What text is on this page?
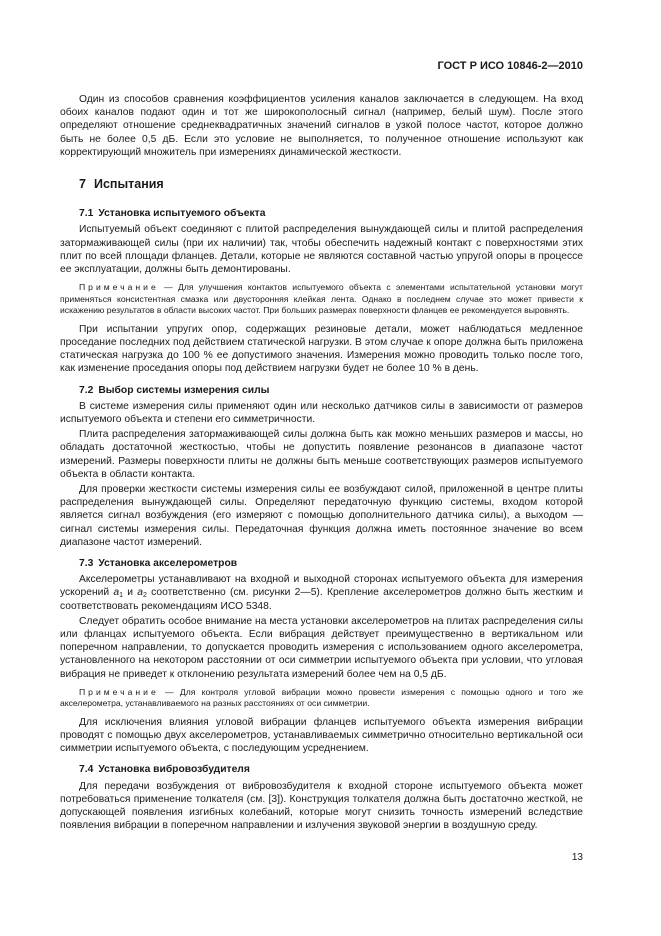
ГОСТ Р ИСО 10846-2—2010

Один из способов сравнения коэффициентов усиления каналов заключается в следующем. На вход обоих каналов подают один и тот же широкополосный сигнал (например, белый шум). После этого определяют отношение среднеквадратичных значений сигналов в узкой полосе частот, которое должно быть не более 0,5 дБ. Если это условие не выполняется, то полученное отношение используют как корректирующий множитель при измерениях динамической жесткости.

7 Испытания
7.1 Установка испытуемого объекта

Испытуемый объект соединяют с плитой распределения вынуждающей силы и плитой распределения затормаживающей силы (при их наличии) так, чтобы обеспечить надежный контакт с поверхностями этих плит по всей площади фланцев. Детали, которые не являются составной частью упругой опоры в процессе ее эксплуатации, должны быть демонтированы.

Примечание — Для улучшения контактов испытуемого объекта с элементами испытательной установки могут применяться консистентная смазка или двусторонняя клейкая лента. Однако в последнем случае это может привести к искажению результатов в области высоких частот. При больших размерах поверхности фланцев ее рекомендуется выровнять.

При испытании упругих опор, содержащих резиновые детали, может наблюдаться медленное проседание последних под действием статической нагрузки. В этом случае к опоре должна быть приложена статическая нагрузка до 100 % ее допустимого значения. Измерения можно проводить только после того, как изменение проседания опоры под действием нагрузки будет не более 10 % в день.

7.2 Выбор системы измерения силы

В системе измерения силы применяют один или несколько датчиков силы в зависимости от размеров испытуемого объекта и степени его симметричности.

Плита распределения затормаживающей силы должна быть как можно меньших размеров и массы, но обладать достаточной жесткостью, чтобы не допустить появление резонансов в диапазоне частот измерений. Размеры поверхности плиты не должны быть меньше соответствующих размеров испытуемого объекта в области контакта.

Для проверки жесткости системы измерения силы ее возбуждают силой, приложенной в центре плиты распределения вынуждающей силы. Определяют передаточную функцию системы, входом которой является сигнал возбуждения (его измеряют с помощью дополнительного датчика силы), а выходом — сигнал системы измерения силы. Передаточная функция должна иметь постоянное значение во всем диапазоне частот измерений.

7.3 Установка акселерометров

Акселерометры устанавливают на входной и выходной сторонах испытуемого объекта для измерения ускорений $a_1$ и $a_2$ соответственно (см. рисунки 2—5). Крепление акселерометров должно быть жестким и соответствовать рекомендациям ИСО 5348.

Следует обратить особое внимание на места установки акселерометров на плитах распределения силы или фланцах испытуемого объекта. Если вибрация действует преимущественно в вертикальном или поперечном направлении, то допускается проводить измерения с использованием одного акселерометра, установленного на некотором расстоянии от оси симметрии испытуемого объекта при условии, что угловая вибрация не приведет к отклонению результата измерений более чем на 0,5 дБ.

Примечание — Для контроля угловой вибрации можно провести измерения с помощью одного и того же акселерометра, устанавливаемого на разных расстояниях от оси симметрии.

Для исключения влияния угловой вибрации фланцев испытуемого объекта измерения вибрации проводят с помощью двух акселерометров, устанавливаемых симметрично относительно вертикальной оси симметрии испытуемого объекта, с последующим усреднением.

7.4 Установка вибровозбудителя

Для передачи возбуждения от вибровозбудителя к входной стороне испытуемого объекта может потребоваться применение толкателя (см. [3]). Конструкция толкателя должна быть достаточно жесткой, не допускающей появления изгибных колебаний, которые могут снизить точность измерений вследствие появления вибрации в поперечном направлении и излучения звуковой энергии в воздушную среду.

13
